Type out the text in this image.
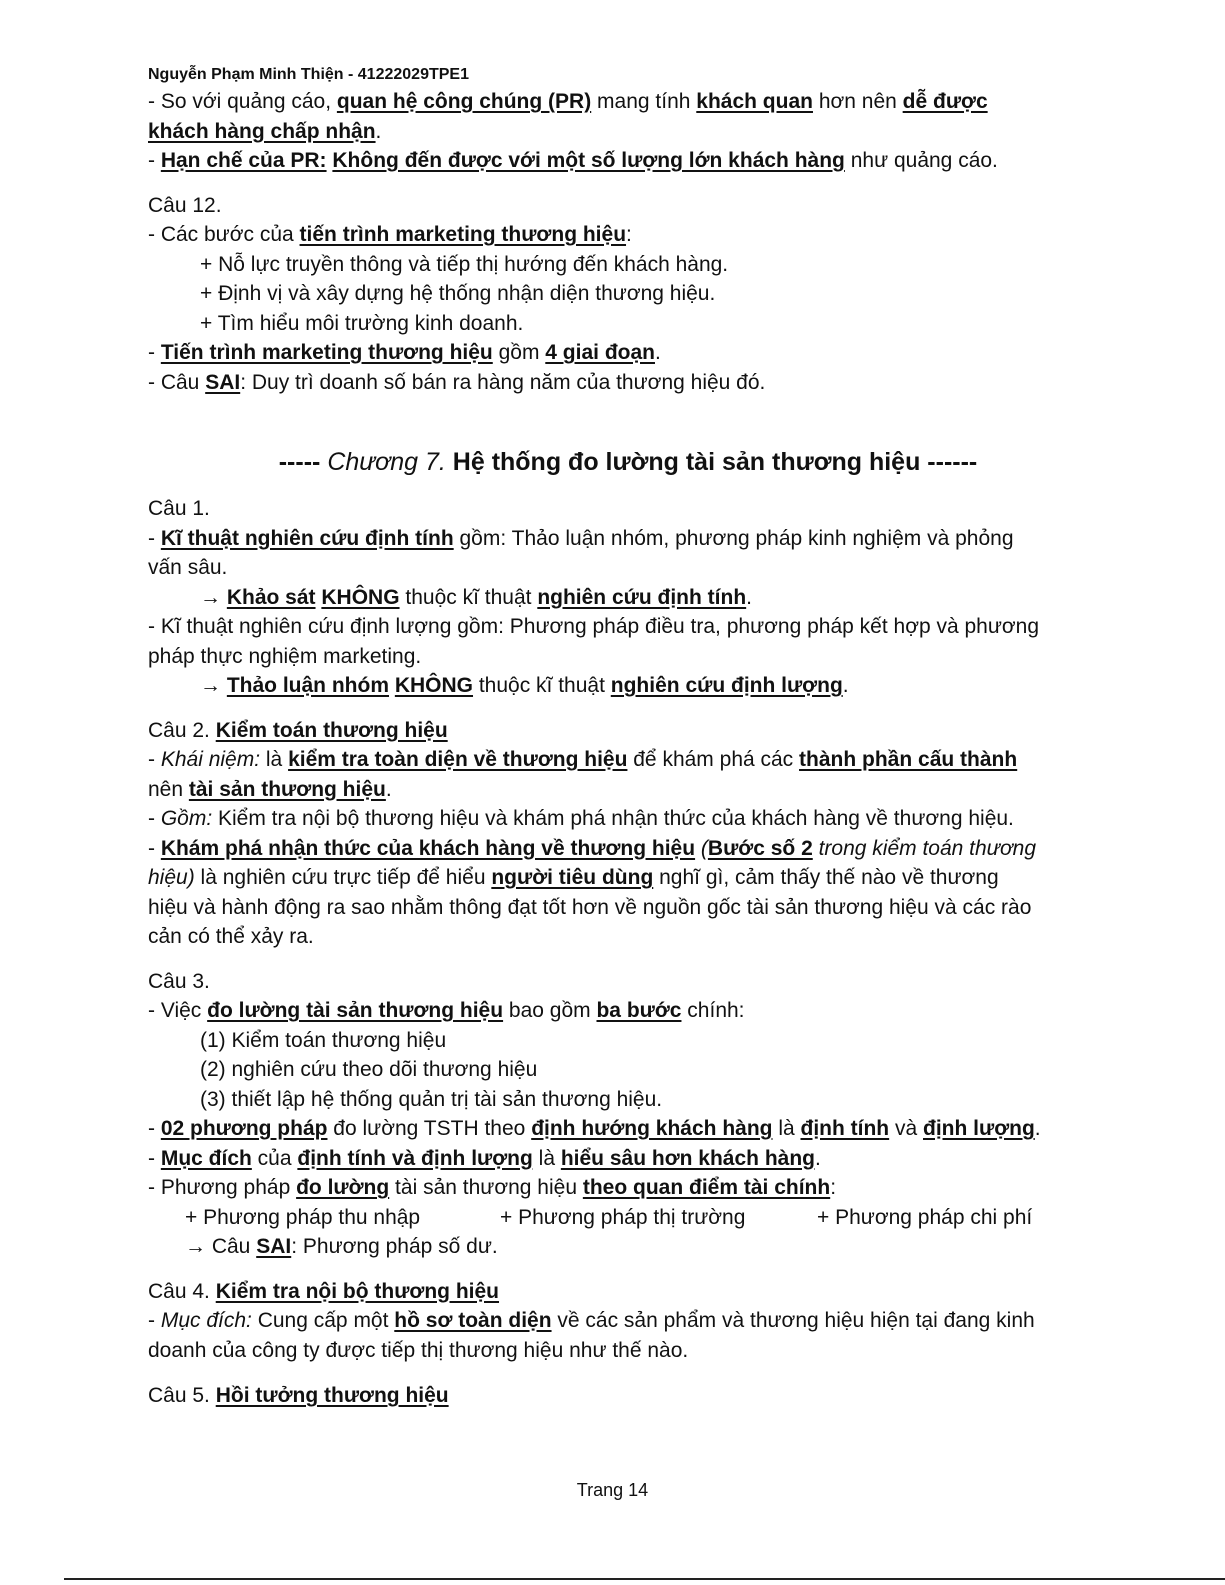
Nguyễn Phạm Minh Thiện - 41222029TPE1

- So với quảng cáo, quan hệ công chúng (PR) mang tính khách quan hơn nên dễ được

khách hàng chấp nhận.

- Hạn chế của PR: Không đến được với một số lượng lớn khách hàng như quảng cáo.

Câu 12.

- Các bước của tiến trình marketing thương hiệu:

+ Nỗ lực truyền thông và tiếp thị hướng đến khách hàng.

+ Định vị và xây dựng hệ thống nhận diện thương hiệu.

+ Tìm hiểu môi trường kinh doanh.

- Tiến trình marketing thương hiệu gồm 4 giai đoạn.

- Câu SAI: Duy trì doanh số bán ra hàng năm của thương hiệu đó.

----- Chương 7. Hệ thống đo lường tài sản thương hiệu ------

Câu 1.

- Kĩ thuật nghiên cứu định tính gồm: Thảo luận nhóm, phương pháp kinh nghiệm và phỏng

vấn sâu.

→ Khảo sát KHÔNG thuộc kĩ thuật nghiên cứu định tính.

- Kĩ thuật nghiên cứu định lượng gồm: Phương pháp điều tra, phương pháp kết hợp và phương

pháp thực nghiệm marketing.

→ Thảo luận nhóm KHÔNG thuộc kĩ thuật nghiên cứu định lượng.

Câu 2. Kiểm toán thương hiệu

- Khái niệm: là kiểm tra toàn diện về thương hiệu để khám phá các thành phần cấu thành

nên tài sản thương hiệu.

- Gồm: Kiểm tra nội bộ thương hiệu và khám phá nhận thức của khách hàng về thương hiệu.

- Khám phá nhận thức của khách hàng về thương hiệu (Bước số 2 trong kiểm toán thương

hiệu) là nghiên cứu trực tiếp để hiểu người tiêu dùng nghĩ gì, cảm thấy thế nào về thương

hiệu và hành động ra sao nhằm thông đạt tốt hơn về nguồn gốc tài sản thương hiệu và các rào

cản có thể xảy ra.

Câu 3.

- Việc đo lường tài sản thương hiệu bao gồm ba bước chính:

(1) Kiểm toán thương hiệu

(2) nghiên cứu theo dõi thương hiệu

(3) thiết lập hệ thống quản trị tài sản thương hiệu.

- 02 phương pháp đo lường TSTH theo định hướng khách hàng là định tính và định lượng.

- Mục đích của định tính và định lượng là hiểu sâu hơn khách hàng.

- Phương pháp đo lường tài sản thương hiệu theo quan điểm tài chính:

+ Phương pháp thu nhập	+ Phương pháp thị trường	+ Phương pháp chi phí

→ Câu SAI: Phương pháp số dư.

Câu 4. Kiểm tra nội bộ thương hiệu

- Mục đích: Cung cấp một hồ sơ toàn diện về các sản phẩm và thương hiệu hiện tại đang kinh

doanh của công ty được tiếp thị thương hiệu như thế nào.

Câu 5. Hồi tưởng thương hiệu

Trang 14
